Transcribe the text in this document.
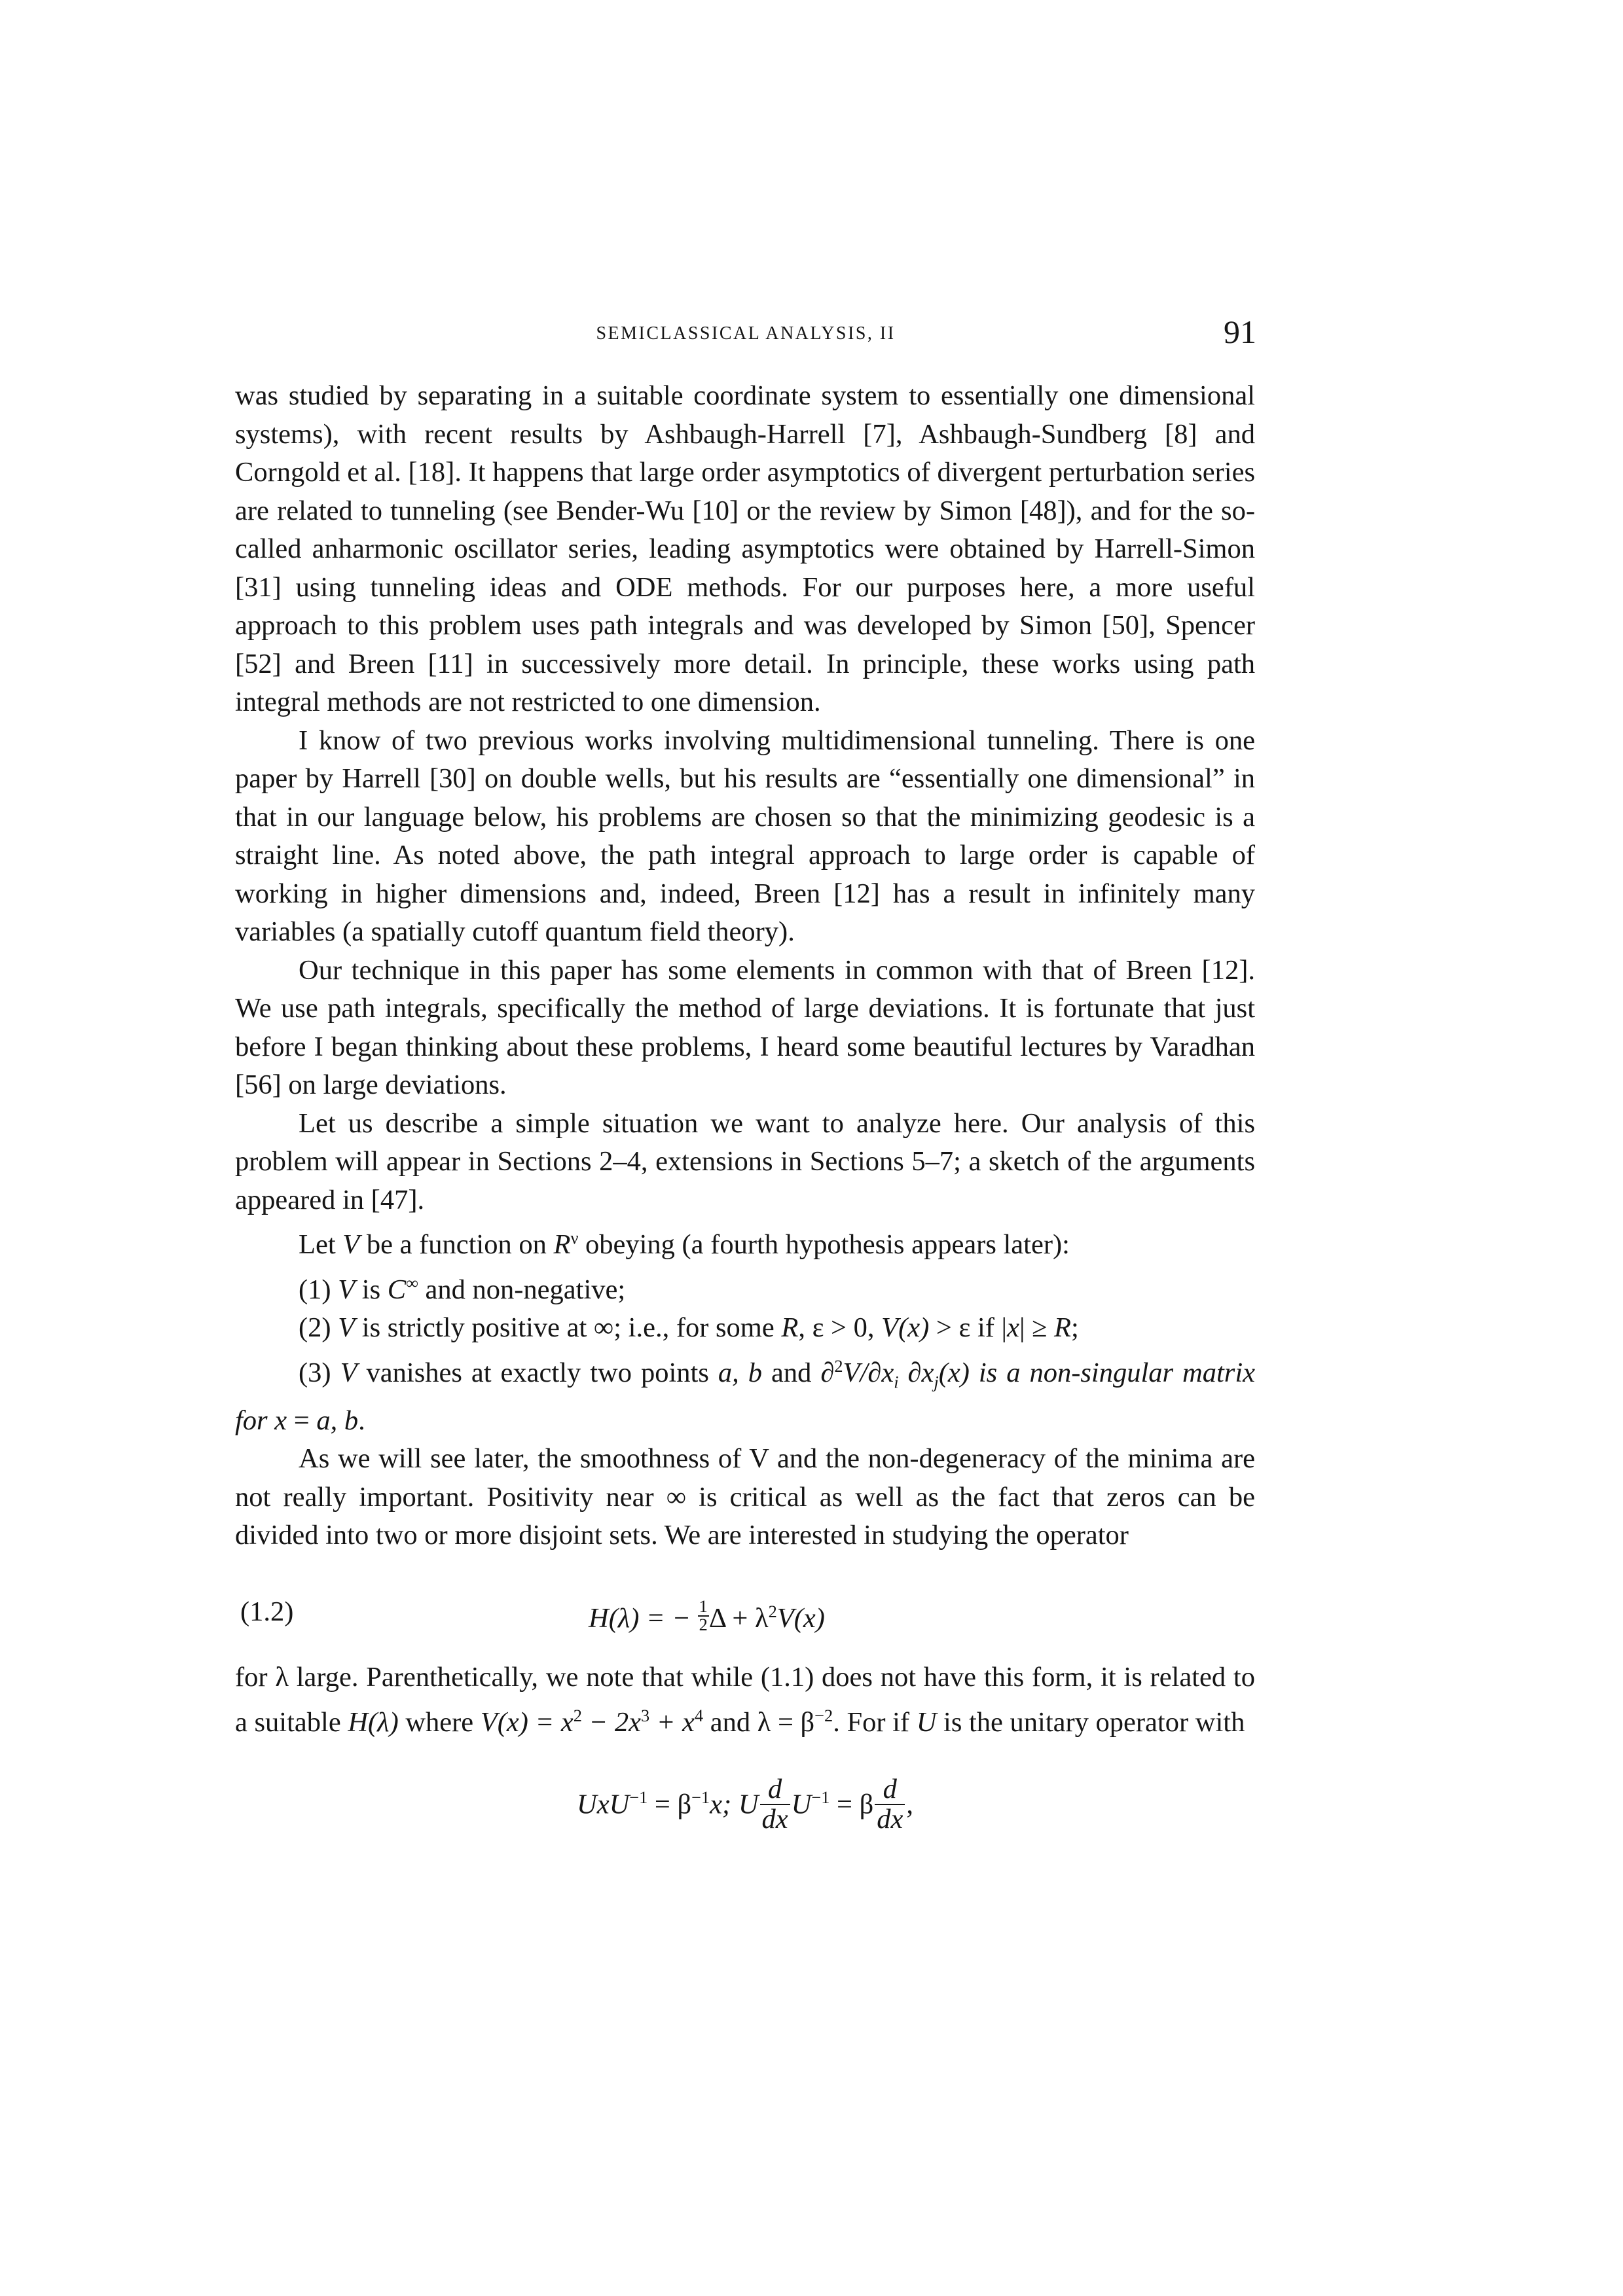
SEMICLASSICAL ANALYSIS, II	91

was studied by separating in a suitable coordinate system to essentially one dimensional systems), with recent results by Ashbaugh-Harrell [7], Ashbaugh-Sundberg [8] and Corngold et al. [18]. It happens that large order asymptotics of divergent perturbation series are related to tunneling (see Bender-Wu [10] or the review by Simon [48]), and for the so-called anharmonic oscillator series, leading asymptotics were obtained by Harrell-Simon [31] using tunneling ideas and ODE methods. For our purposes here, a more useful approach to this problem uses path integrals and was developed by Simon [50], Spencer [52] and Breen [11] in successively more detail. In principle, these works using path integral methods are not restricted to one dimension.

I know of two previous works involving multidimensional tunneling. There is one paper by Harrell [30] on double wells, but his results are “essentially one dimensional” in that in our language below, his problems are chosen so that the minimizing geodesic is a straight line. As noted above, the path integral approach to large order is capable of working in higher dimensions and, indeed, Breen [12] has a result in infinitely many variables (a spatially cutoff quantum field theory).

Our technique in this paper has some elements in common with that of Breen [12]. We use path integrals, specifically the method of large deviations. It is fortunate that just before I began thinking about these problems, I heard some beautiful lectures by Varadhan [56] on large deviations.

Let us describe a simple situation we want to analyze here. Our analysis of this problem will appear in Sections 2–4, extensions in Sections 5–7; a sketch of the arguments appeared in [47].

Let V be a function on $R^\nu$ obeying (a fourth hypothesis appears later):

(1) V is C∞ and non-negative;

(2) V is strictly positive at ∞; i.e., for some R, ε > 0, V(x) > ε if |x| ≥ R;

(3) V vanishes at exactly two points a, b and $\partial^2V/\partial x_i$ $\partial x_j(x)$ is a non-singular matrix for x = a, b.

As we will see later, the smoothness of V and the non-degeneracy of the minima are not really important. Positivity near ∞ is critical as well as the fact that zeros can be divided into two or more disjoint sets. We are interested in studying the operator

(1.2)	H(λ) = − $\frac{1}{2}$ $\Delta + \lambda^2V(x)$

for λ large. Parenthetically, we note that while (1.1) does not have this form, it is related to a suitable H(λ) where $V(x) = x^2 - 2x^3 + x^4$ and $\lambda = \beta^{-2}$. For if U is the unitary operator with

$UxU^{-1} = \beta^{-1}x$; U $\frac{d}{dx} U^{-1} = \beta \frac{d}{dx}$ ,
